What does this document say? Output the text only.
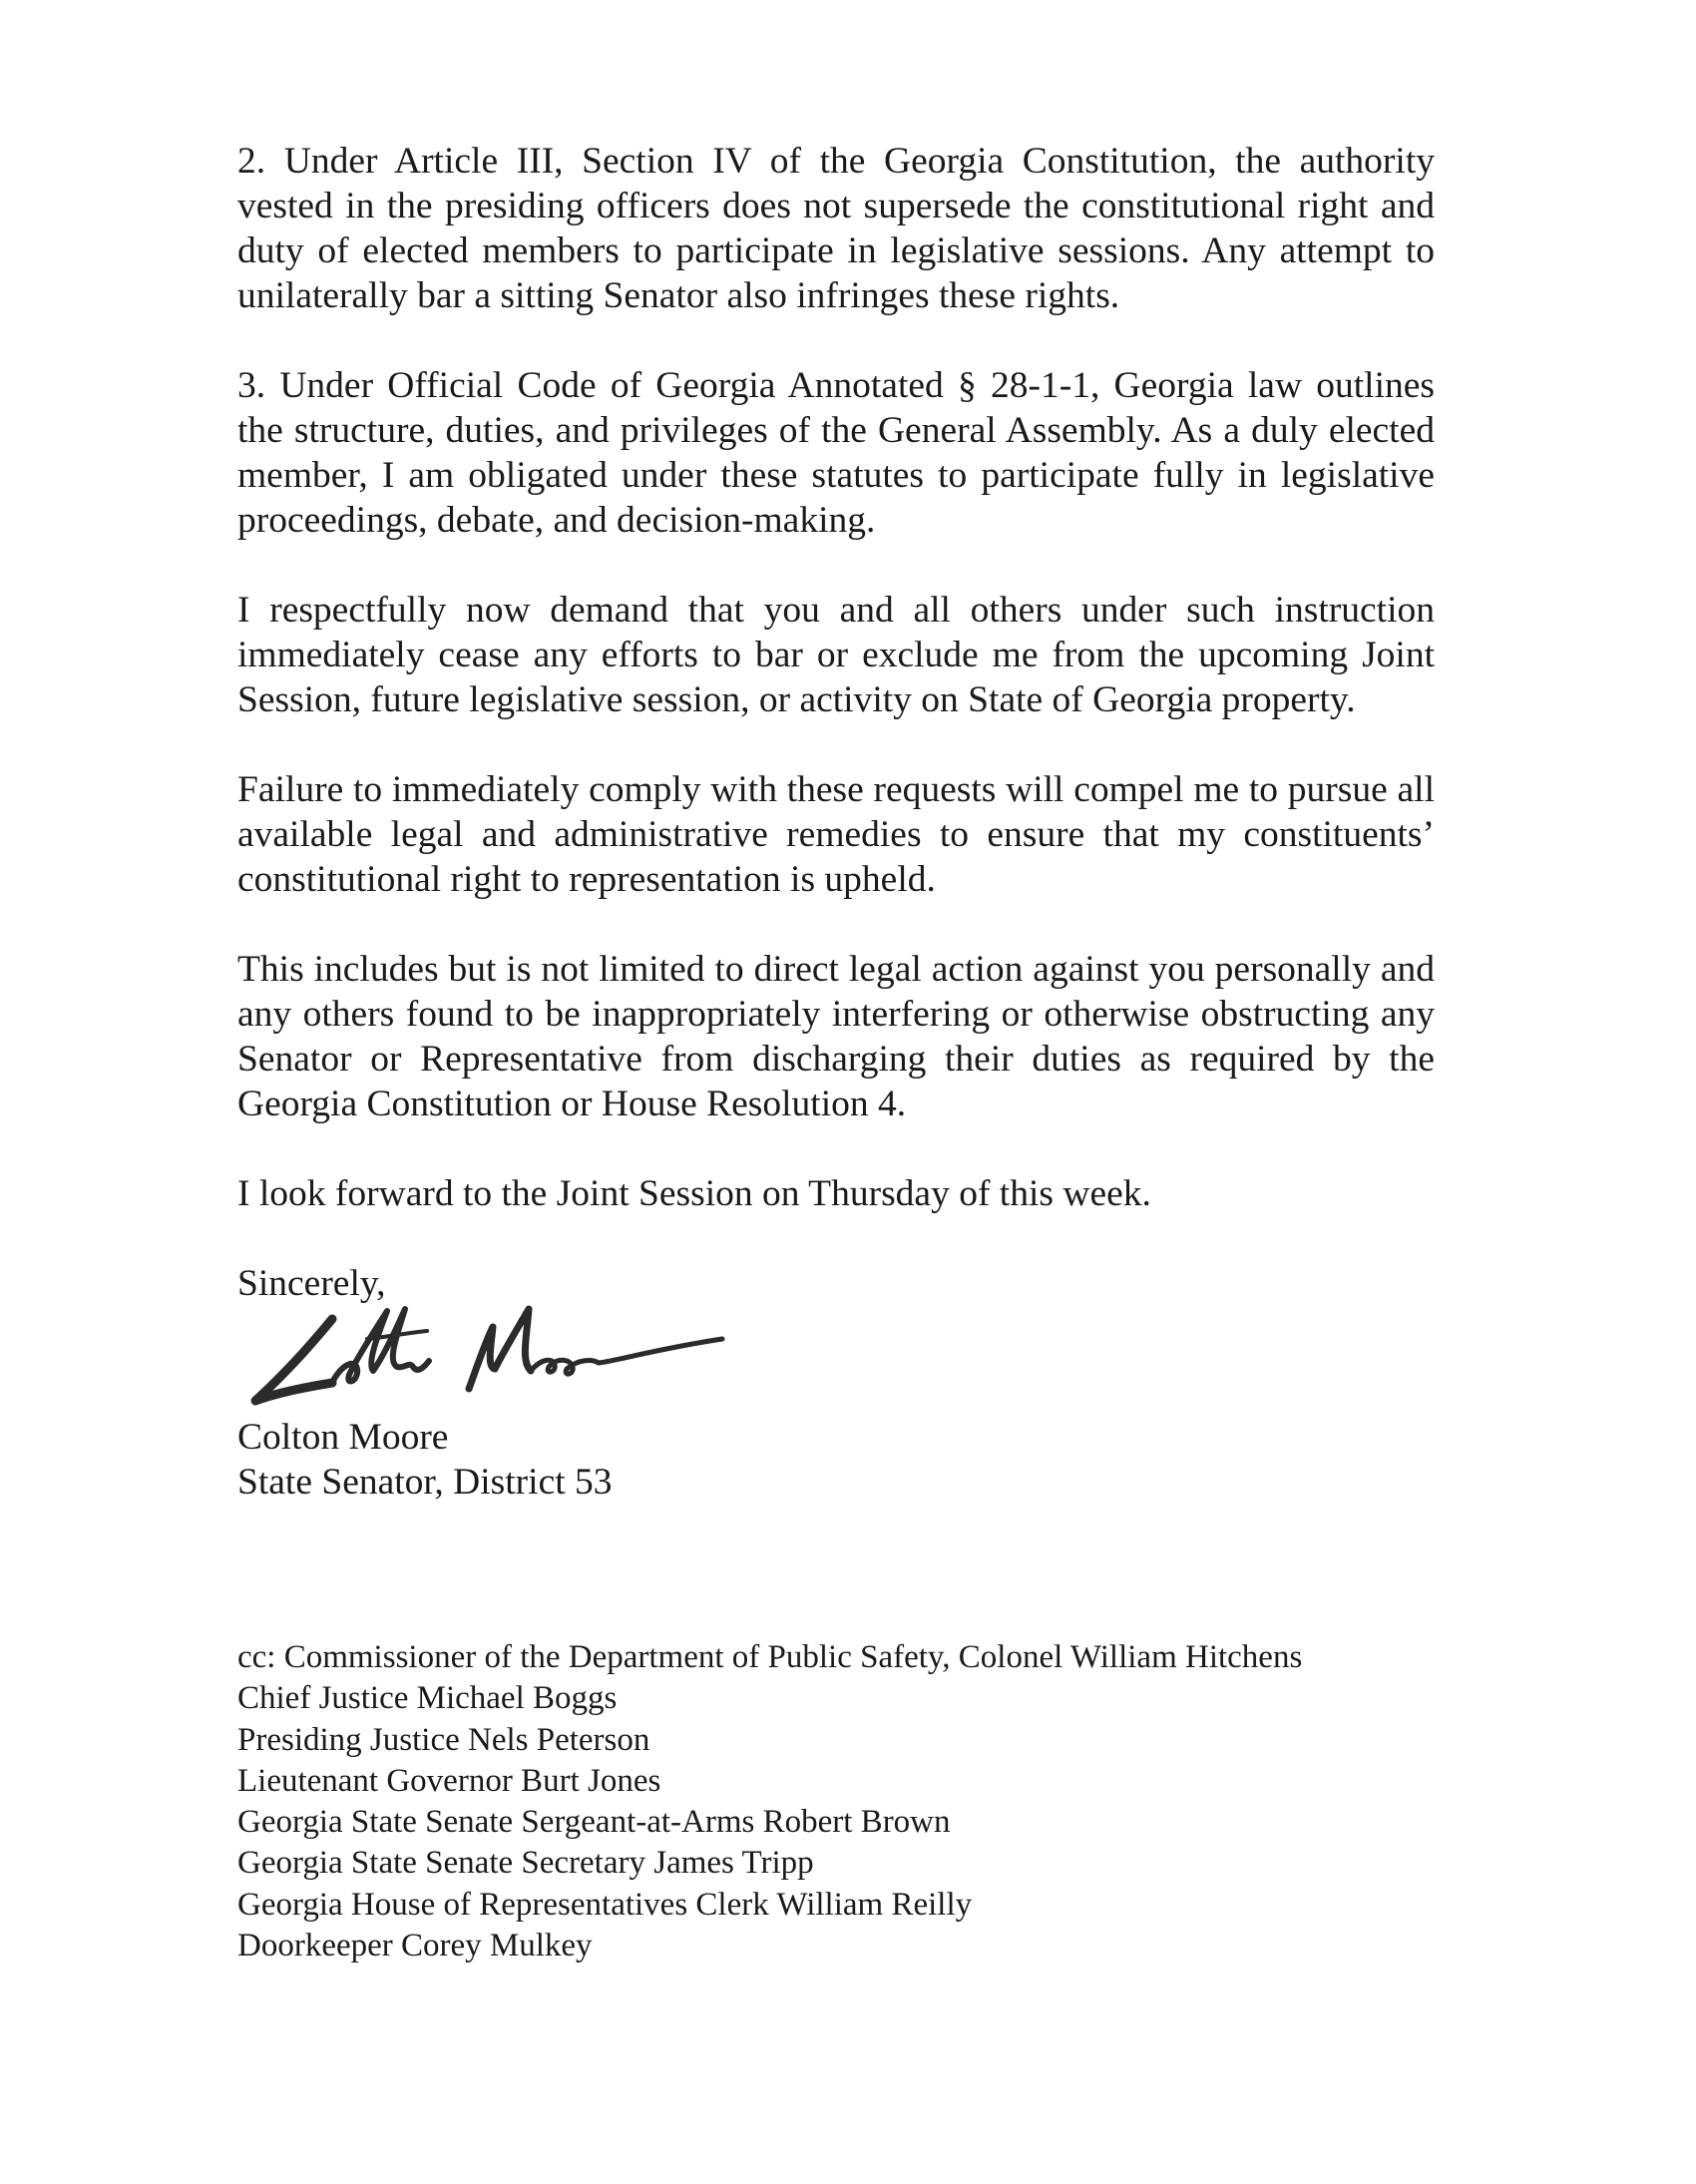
2. Under Article III, Section IV of the Georgia Constitution, the authority vested in the presiding officers does not supersede the constitutional right and duty of elected members to participate in legislative sessions. Any attempt to unilaterally bar a sitting Senator also infringes these rights.

3. Under Official Code of Georgia Annotated § 28-1-1, Georgia law outlines the structure, duties, and privileges of the General Assembly. As a duly elected member, I am obligated under these statutes to participate fully in legislative proceedings, debate, and decision-making.

I respectfully now demand that you and all others under such instruction immediately cease any efforts to bar or exclude me from the upcoming Joint Session, future legislative session, or activity on State of Georgia property.

Failure to immediately comply with these requests will compel me to pursue all available legal and administrative remedies to ensure that my constituents’ constitutional right to representation is upheld.

This includes but is not limited to direct legal action against you personally and any others found to be inappropriately interfering or otherwise obstructing any Senator or Representative from discharging their duties as required by the Georgia Constitution or House Resolution 4.

I look forward to the Joint Session on Thursday of this week.

Sincerely,

Colton Moore
State Senator, District 53
cc: Commissioner of the Department of Public Safety, Colonel William Hitchens
Chief Justice Michael Boggs
Presiding Justice Nels Peterson
Lieutenant Governor Burt Jones
Georgia State Senate Sergeant-at-Arms Robert Brown
Georgia State Senate Secretary James Tripp
Georgia House of Representatives Clerk William Reilly
Doorkeeper Corey Mulkey
